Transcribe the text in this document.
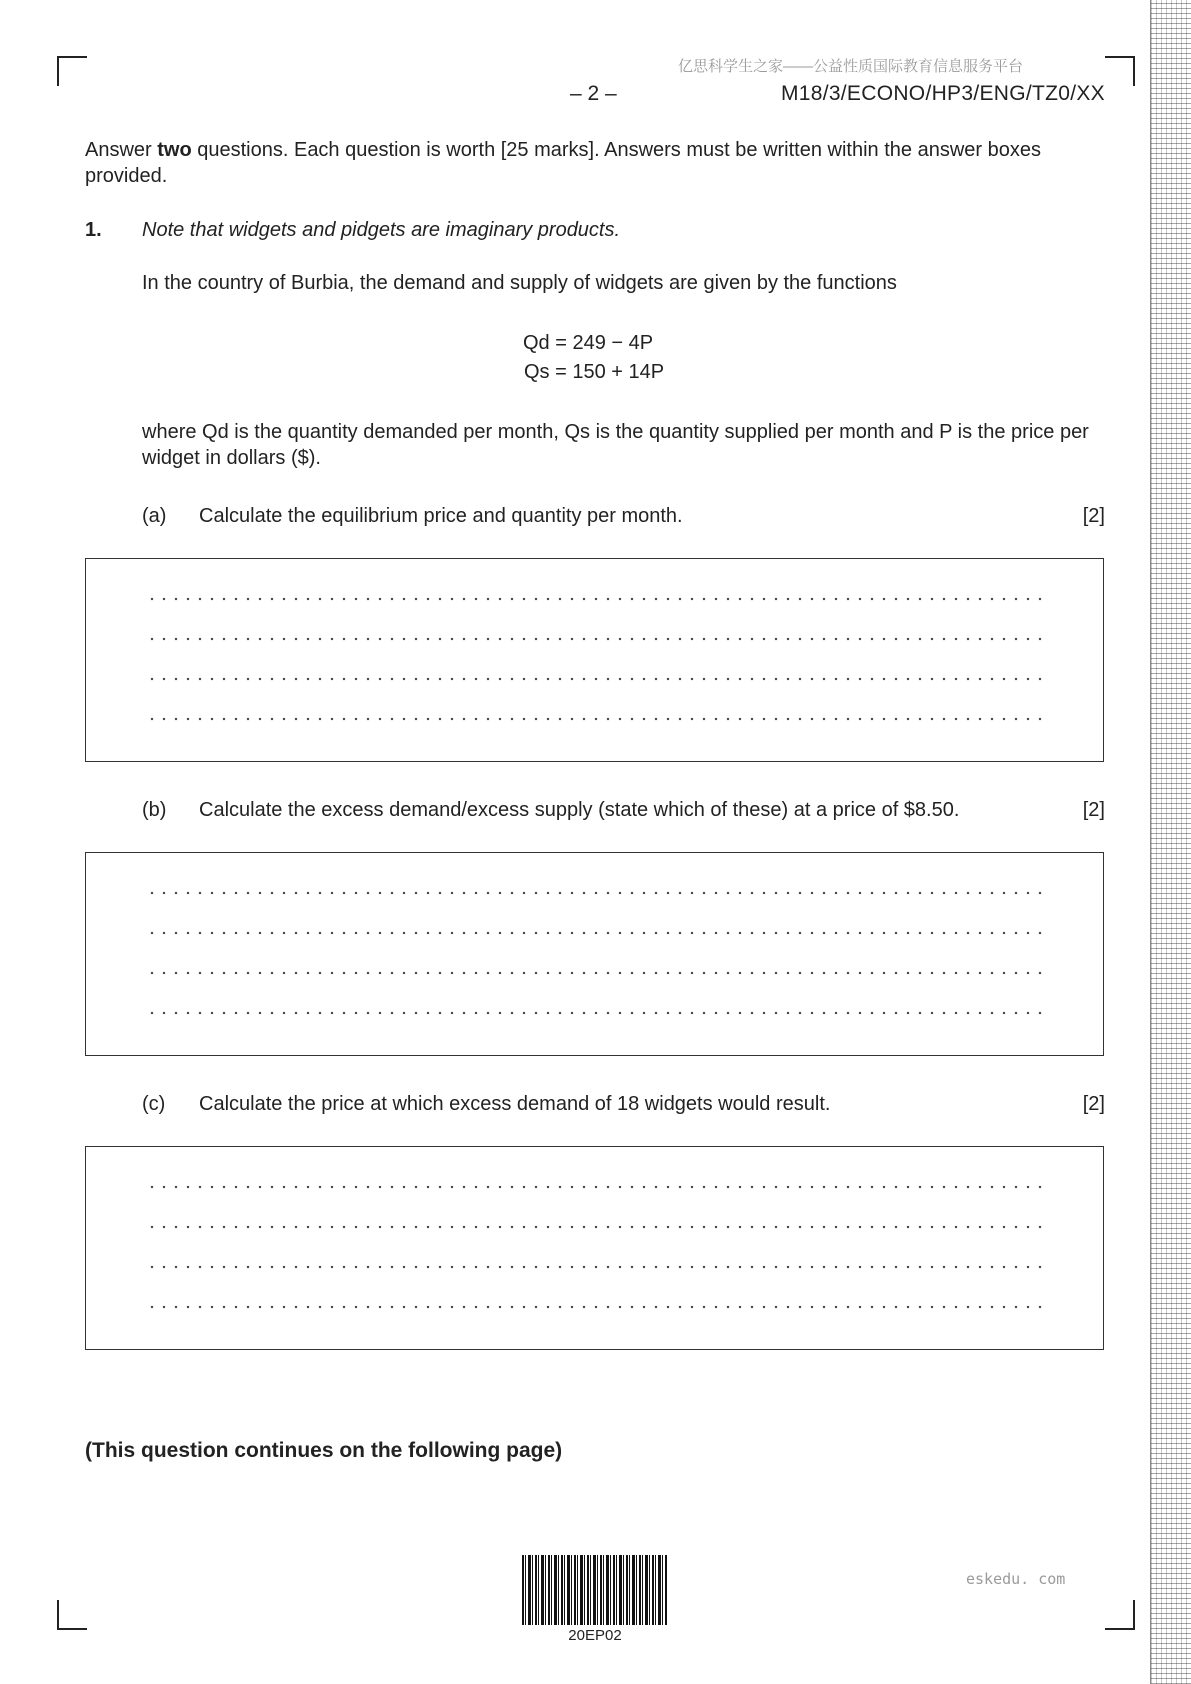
亿思科学生之家——公益性质国际教育信息服务平台
– 2 –	M18/3/ECONO/HP3/ENG/TZ0/XX
Answer two questions. Each question is worth [25 marks]. Answers must be written within the answer boxes provided.
1. Note that widgets and pidgets are imaginary products.
In the country of Burbia, the demand and supply of widgets are given by the functions
Qd = 249 − 4P
Qs = 150 + 14P
where Qd is the quantity demanded per month, Qs is the quantity supplied per month and P is the price per widget in dollars ($).
(a) Calculate the equilibrium price and quantity per month.	[2]
(b) Calculate the excess demand/excess supply (state which of these) at a price of $8.50.	[2]
(c) Calculate the price at which excess demand of 18 widgets would result.	[2]
(This question continues on the following page)
20EP02
eskedu. com
